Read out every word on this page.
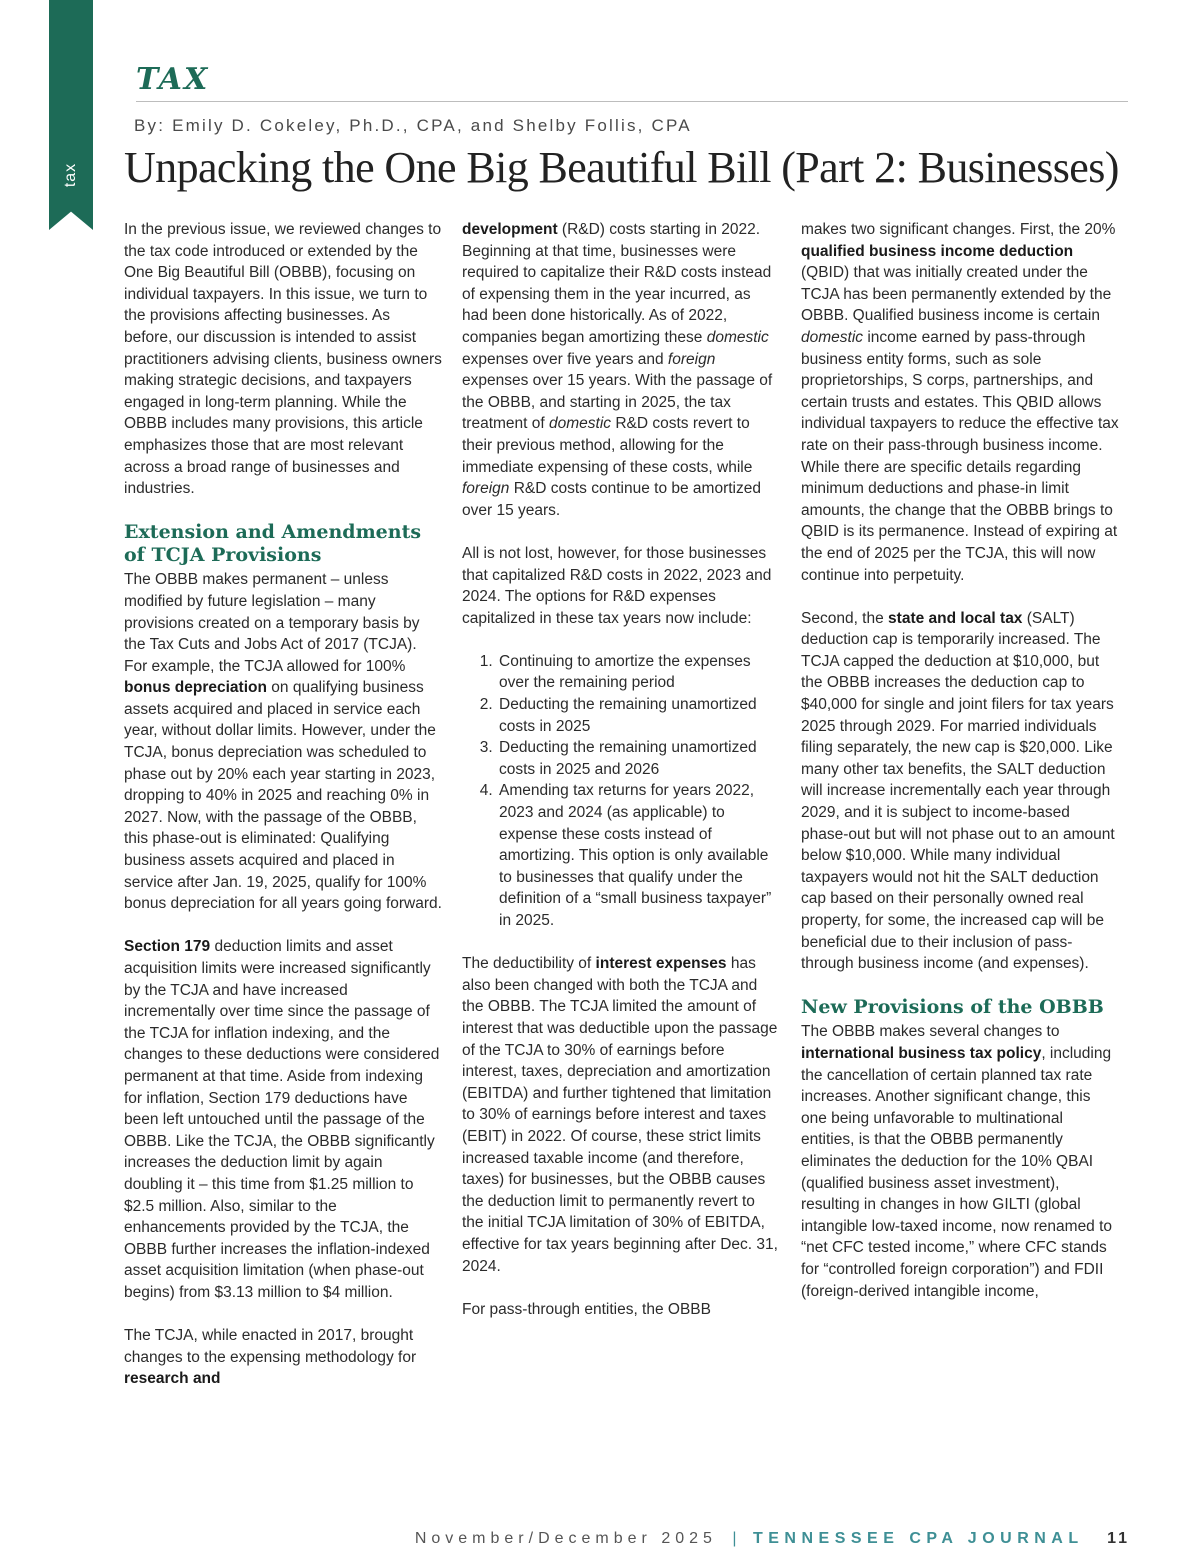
tax
TAX
By: Emily D. Cokeley, Ph.D., CPA, and Shelby Follis, CPA
Unpacking the One Big Beautiful Bill (Part 2: Businesses)

In the previous issue, we reviewed changes to the tax code introduced or extended by the One Big Beautiful Bill (OBBB), focusing on individual taxpayers. In this issue, we turn to the provisions affecting businesses. As before, our discussion is intended to assist practitioners advising clients, business owners making strategic decisions, and taxpayers engaged in long-term planning. While the OBBB includes many provisions, this article emphasizes those that are most relevant across a broad range of businesses and industries.

Extension and Amendments of TCJA Provisions

The OBBB makes permanent – unless modified by future legislation – many provisions created on a temporary basis by the Tax Cuts and Jobs Act of 2017 (TCJA). For example, the TCJA allowed for 100% bonus depreciation on qualifying business assets acquired and placed in service each year, without dollar limits. However, under the TCJA, bonus depreciation was scheduled to phase out by 20% each year starting in 2023, dropping to 40% in 2025 and reaching 0% in 2027. Now, with the passage of the OBBB, this phase-out is eliminated: Qualifying business assets acquired and placed in service after Jan. 19, 2025, qualify for 100% bonus depreciation for all years going forward.

Section 179 deduction limits and asset acquisition limits were increased significantly by the TCJA and have increased incrementally over time since the passage of the TCJA for inflation indexing, and the changes to these deductions were considered permanent at that time. Aside from indexing for inflation, Section 179 deductions have been left untouched until the passage of the OBBB. Like the TCJA, the OBBB significantly increases the deduction limit by again doubling it – this time from $1.25 million to $2.5 million. Also, similar to the enhancements provided by the TCJA, the OBBB further increases the inflation-indexed asset acquisition limitation (when phase-out begins) from $3.13 million to $4 million.

The TCJA, while enacted in 2017, brought changes to the expensing methodology for research and

development (R&D) costs starting in 2022. Beginning at that time, businesses were required to capitalize their R&D costs instead of expensing them in the year incurred, as had been done historically. As of 2022, companies began amortizing these domestic expenses over five years and foreign expenses over 15 years. With the passage of the OBBB, and starting in 2025, the tax treatment of domestic R&D costs revert to their previous method, allowing for the immediate expensing of these costs, while foreign R&D costs continue to be amortized over 15 years.

All is not lost, however, for those businesses that capitalized R&D costs in 2022, 2023 and 2024. The options for R&D expenses capitalized in these tax years now include:

1. Continuing to amortize the expenses over the remaining period
2. Deducting the remaining unamortized costs in 2025
3. Deducting the remaining unamortized costs in 2025 and 2026
4. Amending tax returns for years 2022, 2023 and 2024 (as applicable) to expense these costs instead of amortizing. This option is only available to businesses that qualify under the definition of a “small business taxpayer” in 2025.

The deductibility of interest expenses has also been changed with both the TCJA and the OBBB. The TCJA limited the amount of interest that was deductible upon the passage of the TCJA to 30% of earnings before interest, taxes, depreciation and amortization (EBITDA) and further tightened that limitation to 30% of earnings before interest and taxes (EBIT) in 2022. Of course, these strict limits increased taxable income (and therefore, taxes) for businesses, but the OBBB causes the deduction limit to permanently revert to the initial TCJA limitation of 30% of EBITDA, effective for tax years beginning after Dec. 31, 2024.

For pass-through entities, the OBBB

makes two significant changes. First, the 20% qualified business income deduction (QBID) that was initially created under the TCJA has been permanently extended by the OBBB. Qualified business income is certain domestic income earned by pass-through business entity forms, such as sole proprietorships, S corps, partnerships, and certain trusts and estates. This QBID allows individual taxpayers to reduce the effective tax rate on their pass-through business income. While there are specific details regarding minimum deductions and phase-in limit amounts, the change that the OBBB brings to QBID is its permanence. Instead of expiring at the end of 2025 per the TCJA, this will now continue into perpetuity.

Second, the state and local tax (SALT) deduction cap is temporarily increased. The TCJA capped the deduction at $10,000, but the OBBB increases the deduction cap to $40,000 for single and joint filers for tax years 2025 through 2029. For married individuals filing separately, the new cap is $20,000. Like many other tax benefits, the SALT deduction will increase incrementally each year through 2029, and it is subject to income-based phase-out but will not phase out to an amount below $10,000. While many individual taxpayers would not hit the SALT deduction cap based on their personally owned real property, for some, the increased cap will be beneficial due to their inclusion of pass-through business income (and expenses).

New Provisions of the OBBB

The OBBB makes several changes to international business tax policy, including the cancellation of certain planned tax rate increases. Another significant change, this one being unfavorable to multinational entities, is that the OBBB permanently eliminates the deduction for the 10% QBAI (qualified business asset investment), resulting in changes in how GILTI (global intangible low-taxed income, now renamed to “net CFC tested income,” where CFC stands for “controlled foreign corporation”) and FDII (foreign-derived intangible income,

November/December 2025 | TENNESSEE CPA JOURNAL 11
